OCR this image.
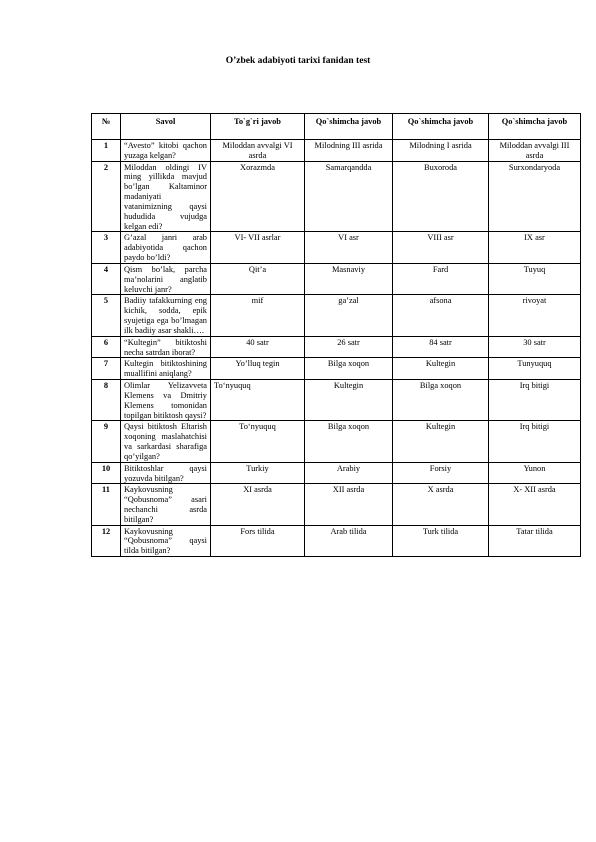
O’zbek adabiyoti tarixi fanidan test
№	Savol	To`g`ri javob	Qo`shimcha javob	Qo`shimcha javob	Qo`shimcha javob
1	“Avesto” kitobi qachon yuzaga kelgan?	Miloddan avvalgi VI asrda	Milodning III asrida	Milodning I asrida	Miloddan avvalgi III asrda
2	Miloddan oldingi IV ming yillikda mavjud bo’lgan Kaltaminor madaniyati vatanimizning qaysi hududida vujudga kelgan edi?	Xorazmda	Samarqandda	Buxoroda	Surxondaryoda
3	G’azal janri arab adabiyotida qachon paydo bo’ldi?	VI- VII asrlar	VI asr	VIII asr	IX asr
4	Qism bo’lak, parcha ma’nolarini anglatib keluvchi janr?	Qit’a	Masnaviy	Fard	Tuyuq
5	Badiiy tafakkurning eng kichik, sodda, epik syujetiga ega bo’lmagan ilk badiiy asar shakli….	mif	ga’zal	afsona	rivoyat
6	“Kultegin” bitiktoshi necha satrdan iborat?	40 satr	26 satr	84 satr	30 satr
7	Kultegin bitiktoshining muallifini aniqlang?	Yo’lluq tegin	Bilga xoqon	Kultegin	Tunyuquq
8	Olimlar Yelizavveta Klemens va Dmitriy Klemens tomonidan topilgan bitiktosh qaysi?	To‘nyuquq	Kultegin	Bilga xoqon	Irq bitigi
9	Qaysi bitiktosh Eltarish xoqoning maslahatchisi va sarkardasi sharafiga qo’yilgan?	To‘nyuquq	Bilga xoqon	Kultegin	Irq bitigi
10	Bitiktoshlar qaysi yozuvda bitilgan?	Turkiy	Arabiy	Forsiy	Yunon
11	Kaykovusning “Qobusnoma” asari nechanchi asrda bitilgan?	XI asrda	XII asrda	X asrda	X- XII asrda
12	Kaykovusning “Qobusnoma” qaysi tilda bitilgan?	Fors tilida	Arab tilida	Turk tilida	Tatar tilida
